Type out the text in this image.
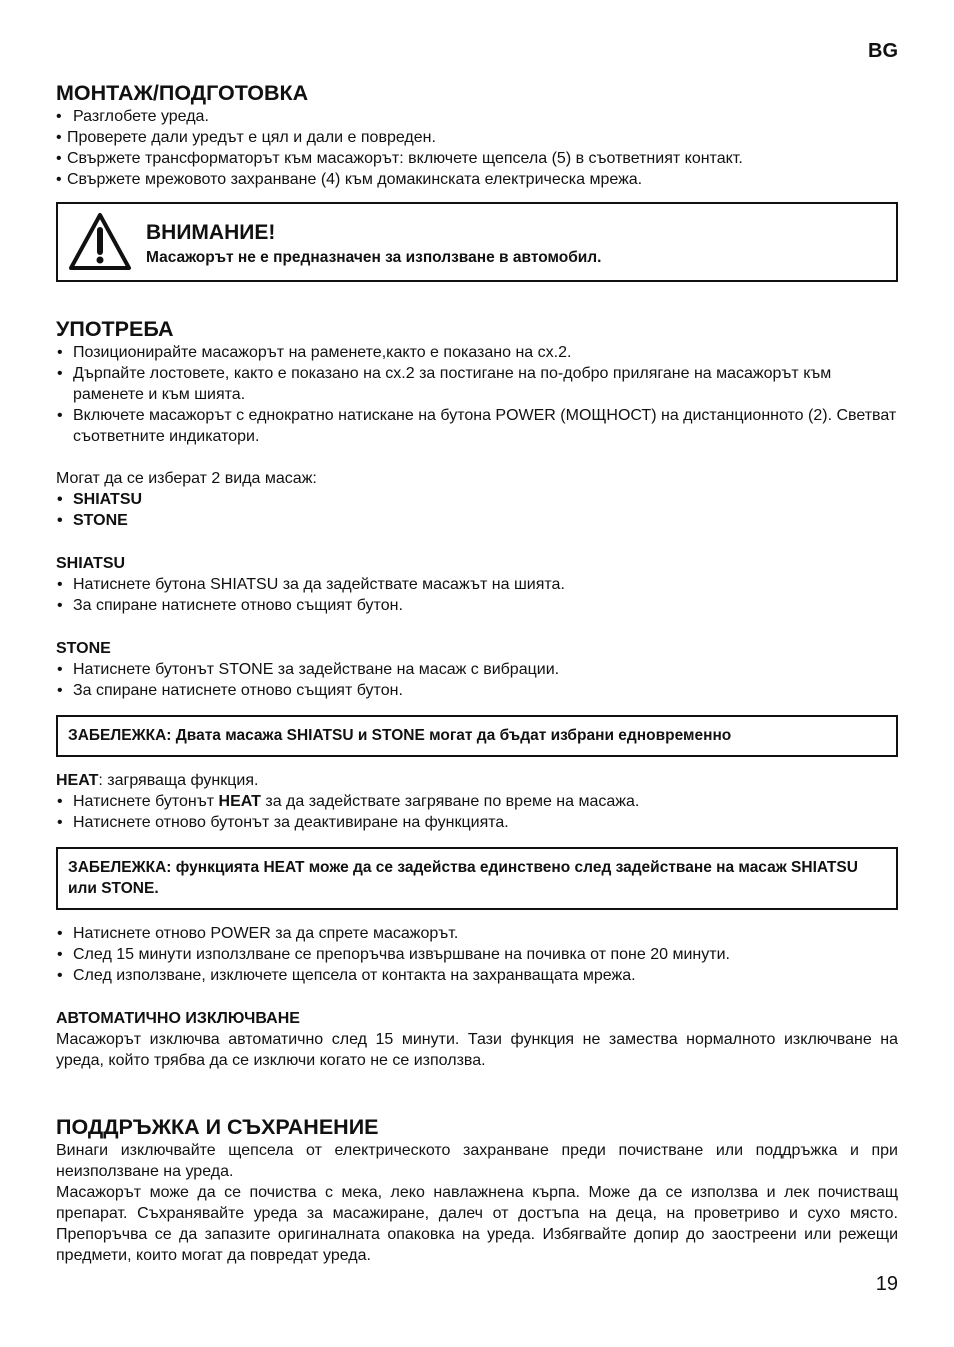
BG
МОНТАЖ/ПОДГОТОВКА
• Разглобете уреда.
• Проверете дали уредът е цял и дали е повреден.
• Свържете трансформаторът към масажорът: включете щепсела (5) в съответният контакт.
• Свържете мрежовото захранване (4) към домакинската електрическа мрежа.
ВНИМАНИЕ!

Масажорът не е предназначен за използване в автомобил.

УПОТРЕБА
• Позиционирайте масажорът на раменете,както е показано на сх.2.
• Дърпайте лостовете, както е показано на сх.2 за постигане на по-добро прилягане на масажорът към раменете и към шията.
• Включете масажорът с еднократно натискане на бутона POWER (МОЩНОСТ) на дистанционното (2). Светват съответните индикатори.

Могат да се изберат 2 вида масаж:

• SHIATSU
• STONE

SHIATSU

• Натиснете бутона SHIATSU за да задействате масажът на шията.
• За спиране натиснете отново същият бутон.

STONE

• Натиснете бутонът STONE за задействане на масаж с вибрации.
• За спиране натиснете отново същият бутон.
ЗАБЕЛЕЖКА: Двата масажа SHIATSU и STONE могат да бъдат избрани едновременно

HEAT: загряваща функция.

• Натиснете бутонът HEAT за да задействате загряване по време на масажа.
• Натиснете отново бутонът за деактивиране на функцията.
ЗАБЕЛЕЖКА: функцията HEAT може да се задейства единствено след задействане на масаж SHIATSU или STONE.
• Натиснете отново POWER за да спрете масажорът.
• След 15 минути използлване се препоръчва извършване на почивка от поне 20 минути.
• След използване, изключете щепсела от контакта на захранващата мрежа.

АВТОМАТИЧНО ИЗКЛЮЧВАНЕ

Масажорът изключва автоматично след 15 минути. Тази функция не замества нормалното изключване на уреда, който трябва да се изключи когато не се използва.

ПОДДРЪЖКА И СЪХРАНЕНИЕ

Винаги изключвайте щепсела от електрическото захранване преди почистване или поддръжка и при неизползване на уреда.

Масажорът може да се почиства с мека, леко навлажнена кърпа. Може да се използва и лек почистващ препарат. Съхранявайте уреда за масажиране, далеч от достъпа на деца, на проветриво и сухо място. Препоръчва се да запазите оригиналната опаковка на уреда. Избягвайте допир до заостреени или режещи предмети, които могат да повредат уреда.

19
